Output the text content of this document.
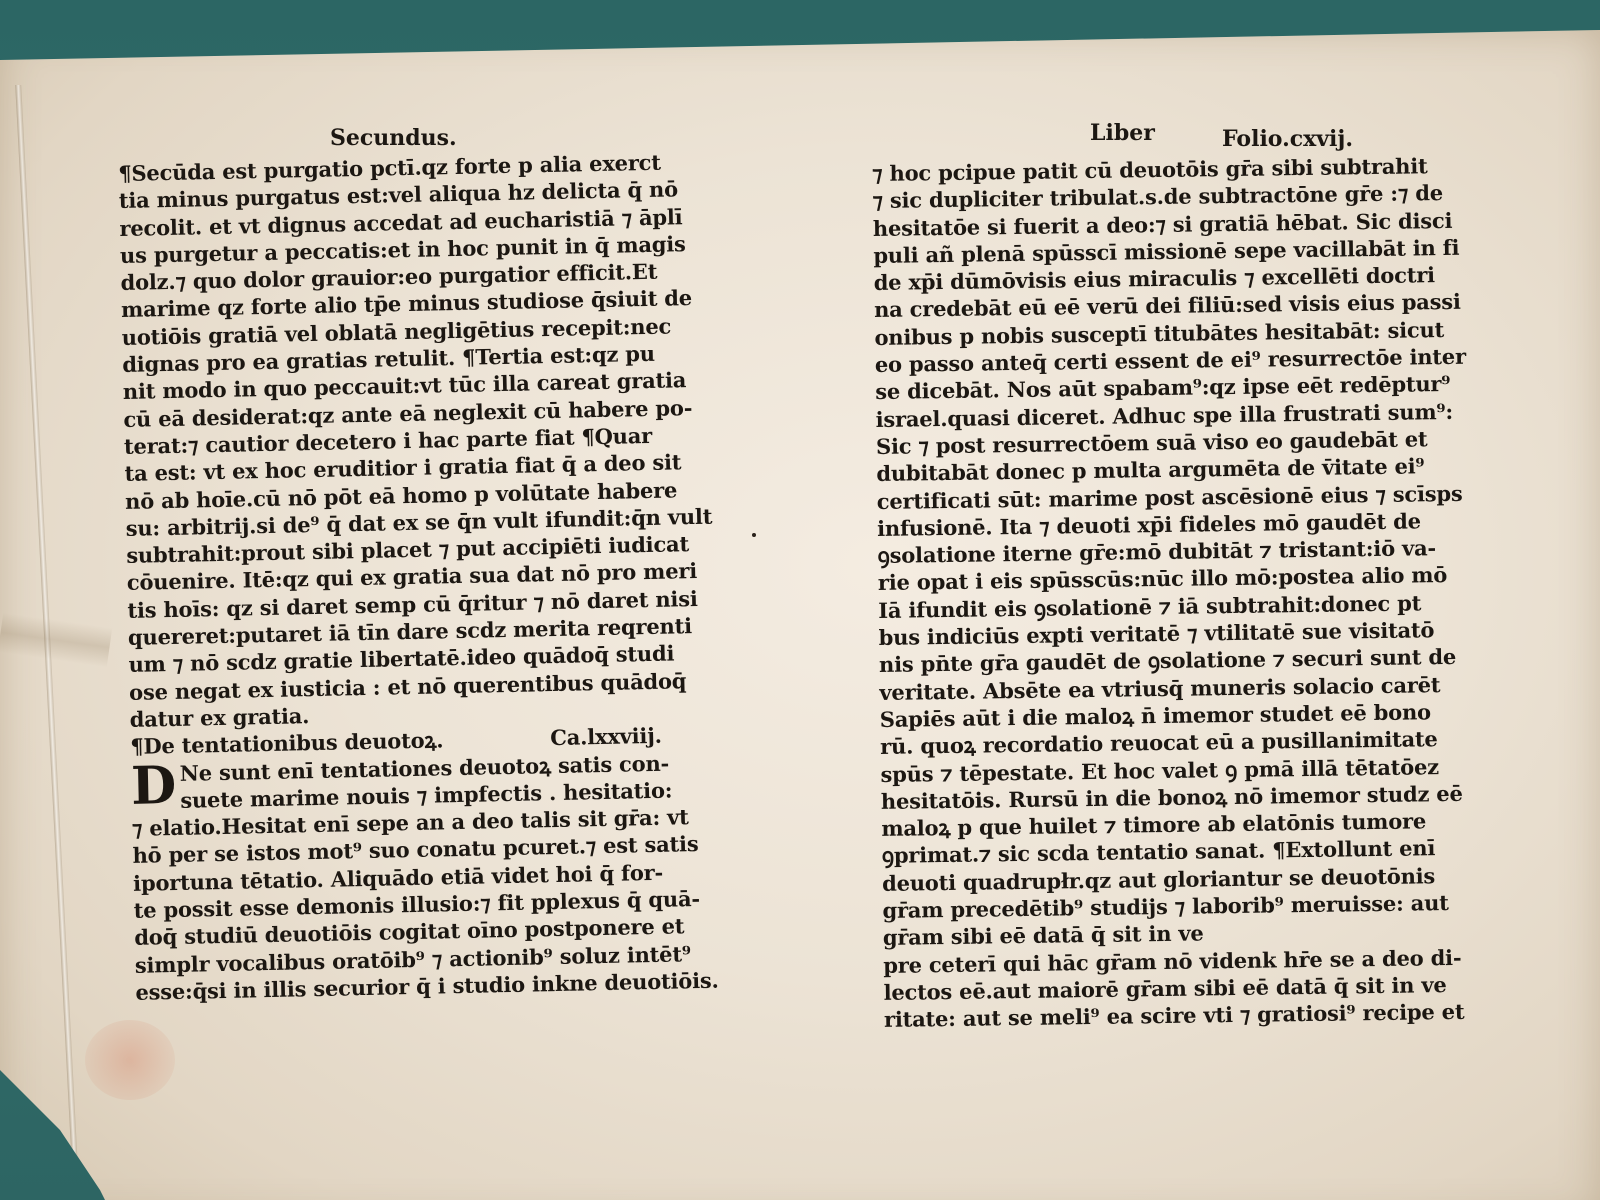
Secundus.	Liber	Folio.cxvij.
¶Secūda est purgatio pctī.qz forte p alia exerct
tia minus purgatus est:vel aliqua hz delicta q̄ nō
recolit. et vt dignus accedat ad eucharistiā ⁊ āplī
us purgetur a peccatis:et in hoc punit in q̄ magis
dolz.⁊ quo dolor grauior:eo purgatior efficit.Et
marime qz forte alio tp̄e minus studiose q̄siuit de
uotiōis gratiā vel oblatā negligētius recepit:nec
dignas pro ea gratias retulit. ¶Tertia est:qz pu
nit modo in quo peccauit:vt tūc illa careat gratia
cū eā desiderat:qz ante eā neglexit cū habere po-
terat:⁊ cautior decetero i hac parte fiat ¶Quar
ta est: vt ex hoc eruditior i gratia fiat q̄ a deo sit
nō ab hoīe.cū nō pōt eā homo p volūtate habere
su: arbitrij.si de⁹ q̄ dat ex se q̄n vult ifundit:q̄n vult
subtrahit:prout sibi placet ⁊ put accipiēti iudicat
cōuenire. Itē:qz qui ex gratia sua dat nō pro meri
tis hoīs: qz si daret semp cū q̄ritur ⁊ nō daret nisi
quereret:putaret iā tīn dare scdz merita reqrenti
um ⁊ nō scdz gratie libertatē.ideo quādoq̄ studi
ose negat ex iusticia : et nō querentibus quādoq̄
datur ex gratia.
¶De tentationibus deuotoꝝ.	Ca.lxxviij.
D Ne sunt enī tentationes deuotoꝝ satis con-
suete marime nouis ⁊ impfectis . hesitatio:
⁊ elatio.Hesitat enī sepe an a deo talis sit gr̄a: vt
hō per se istos mot⁹ suo conatu pcuret.⁊ est satis
iportuna tētatio. Aliquādo etiā videt hoi q̄ for-
te possit esse demonis illusio:⁊ fit pplexus q̄ quā-
doq̄ studiū deuotiōis cogitat oīno postponere et
simplr vocalibus oratōib⁹ ⁊ actionib⁹ soluz intēt⁹
esse:q̄si in illis securior q̄ i studio inkne deuotiōis.
⁊ hoc pcipue patit cū deuotōis gr̄a sibi subtrahit
⁊ sic dupliciter tribulat.s.de subtractōne gr̄e :⁊ de
hesitatōe si fuerit a deo:⁊ si gratiā hēbat. Sic disci
puli añ plenā spūsscī missionē sepe vacillabāt in fi
de xp̄i dūmōvisis eius miraculis ⁊ excellēti doctri
na credebāt eū eē verū dei filiū:sed visis eius passi
onibus p nobis susceptī titubātes hesitabāt: sicut
eo passo anteq̄ certi essent de ei⁹ resurrectōe inter
se dicebāt. Nos aūt spabam⁹:qz ipse eēt redēptur⁹
israel.quasi diceret. Adhuc spe illa frustrati sum⁹:
Sic ⁊ post resurrectōem suā viso eo gaudebāt et
dubitabāt donec p multa argumēta de v̄itate ei⁹
certificati sūt: marime post ascēsionē eius ⁊ scīsps
infusionē. Ita ⁊ deuoti xp̄i fideles mō gaudēt de
ꝯsolatione iterne gr̄e:mō dubitāt ⁊ tristant:iō va-
rie opat i eis spūsscūs:nūc illo mō:postea alio mō
Iā ifundit eis ꝯsolationē ⁊ iā subtrahit:donec pt
bus indiciūs expti veritatē ⁊ vtilitatē sue visitatō
nis pn̄te gr̄a gaudēt de ꝯsolatione ⁊ securi sunt de
veritate. Absēte ea vtriusq̄ muneris solacio carēt
Sapiēs aūt i die maloꝝ n̄ imemor studet eē bono
rū. quoꝝ recordatio reuocat eū a pusillanimitate
spūs ⁊ tēpestate. Et hoc valet ꝯ pmā illā tētatōez
hesitatōis. Rursū in die bonoꝝ nō imemor studz eē
maloꝝ p que huilet ⁊ timore ab elatōnis tumore
ꝯprimat.⁊ sic scda tentatio sanat. ¶Extollunt enī
deuoti quadrupłr.qz aut gloriantur se deuotōnis
gr̄am precedētib⁹ studijs ⁊ laborib⁹ meruisse: aut
gr̄am sibi eē datā q̄ sit in ve
pre ceterī qui hāc gr̄am nō videnk hr̄e se a deo di-
lectos eē.aut maiorē gr̄am sibi eē datā q̄ sit in ve
ritate: aut se meli⁹ ea scire vti ⁊ gratiosi⁹ recipe et
